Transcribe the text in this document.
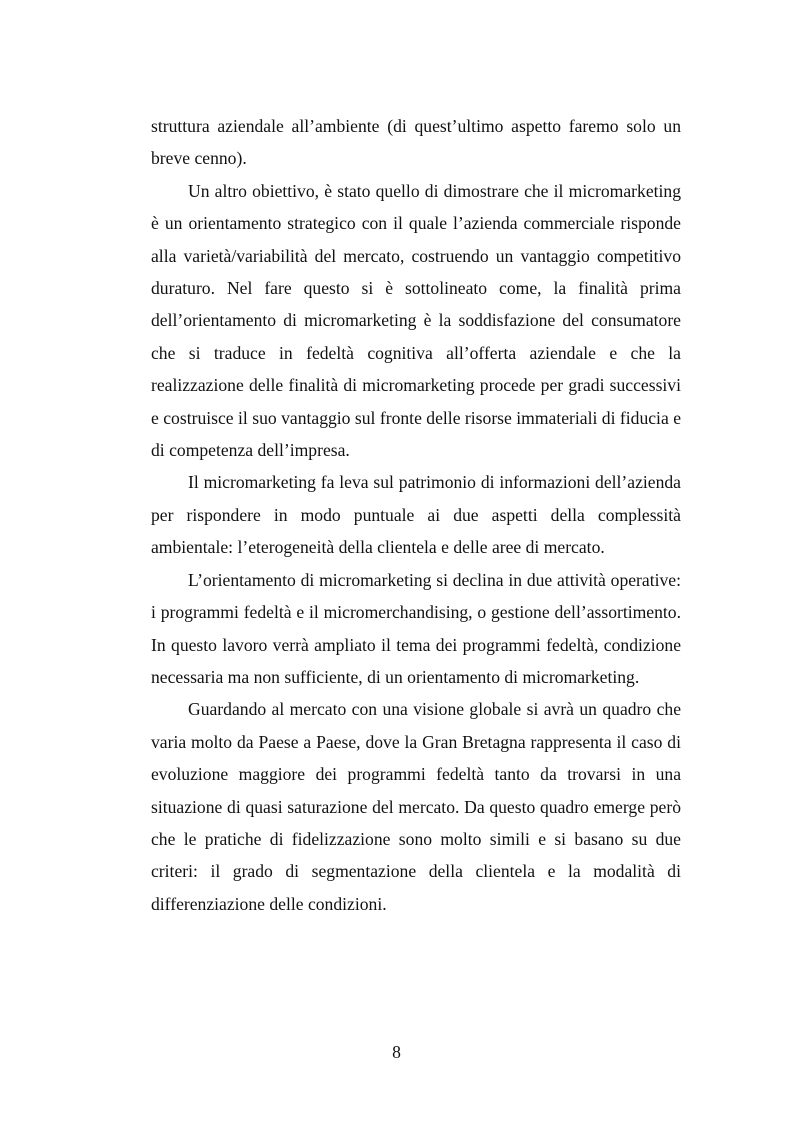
struttura aziendale all’ambiente (di quest’ultimo aspetto faremo solo un breve cenno).

Un altro obiettivo, è stato quello di dimostrare che il micromarketing è un orientamento strategico con il quale l’azienda commerciale risponde alla varietà/variabilità del mercato, costruendo un vantaggio competitivo duraturo. Nel fare questo si è sottolineato come, la finalità prima dell’orientamento di micromarketing è la soddisfazione del consumatore che si traduce in fedeltà cognitiva all’offerta aziendale e che la realizzazione delle finalità di micromarketing procede per gradi successivi e costruisce il suo vantaggio sul fronte delle risorse immateriali di fiducia e di competenza dell’impresa.

Il micromarketing fa leva sul patrimonio di informazioni dell’azienda per rispondere in modo puntuale ai due aspetti della complessità ambientale: l’eterogeneità della clientela e delle aree di mercato.

L’orientamento di micromarketing si declina in due attività operative: i programmi fedeltà e il micromerchandising, o gestione dell’assortimento. In questo lavoro verrà ampliato il tema dei programmi fedeltà, condizione necessaria ma non sufficiente, di un orientamento di micromarketing.

Guardando al mercato con una visione globale si avrà un quadro che varia molto da Paese a Paese, dove la Gran Bretagna rappresenta il caso di evoluzione maggiore dei programmi fedeltà tanto da trovarsi in una situazione di quasi saturazione del mercato. Da questo quadro emerge però che le pratiche di fidelizzazione sono molto simili e si basano su due criteri: il grado di segmentazione della clientela e la modalità di differenziazione delle condizioni.

8
